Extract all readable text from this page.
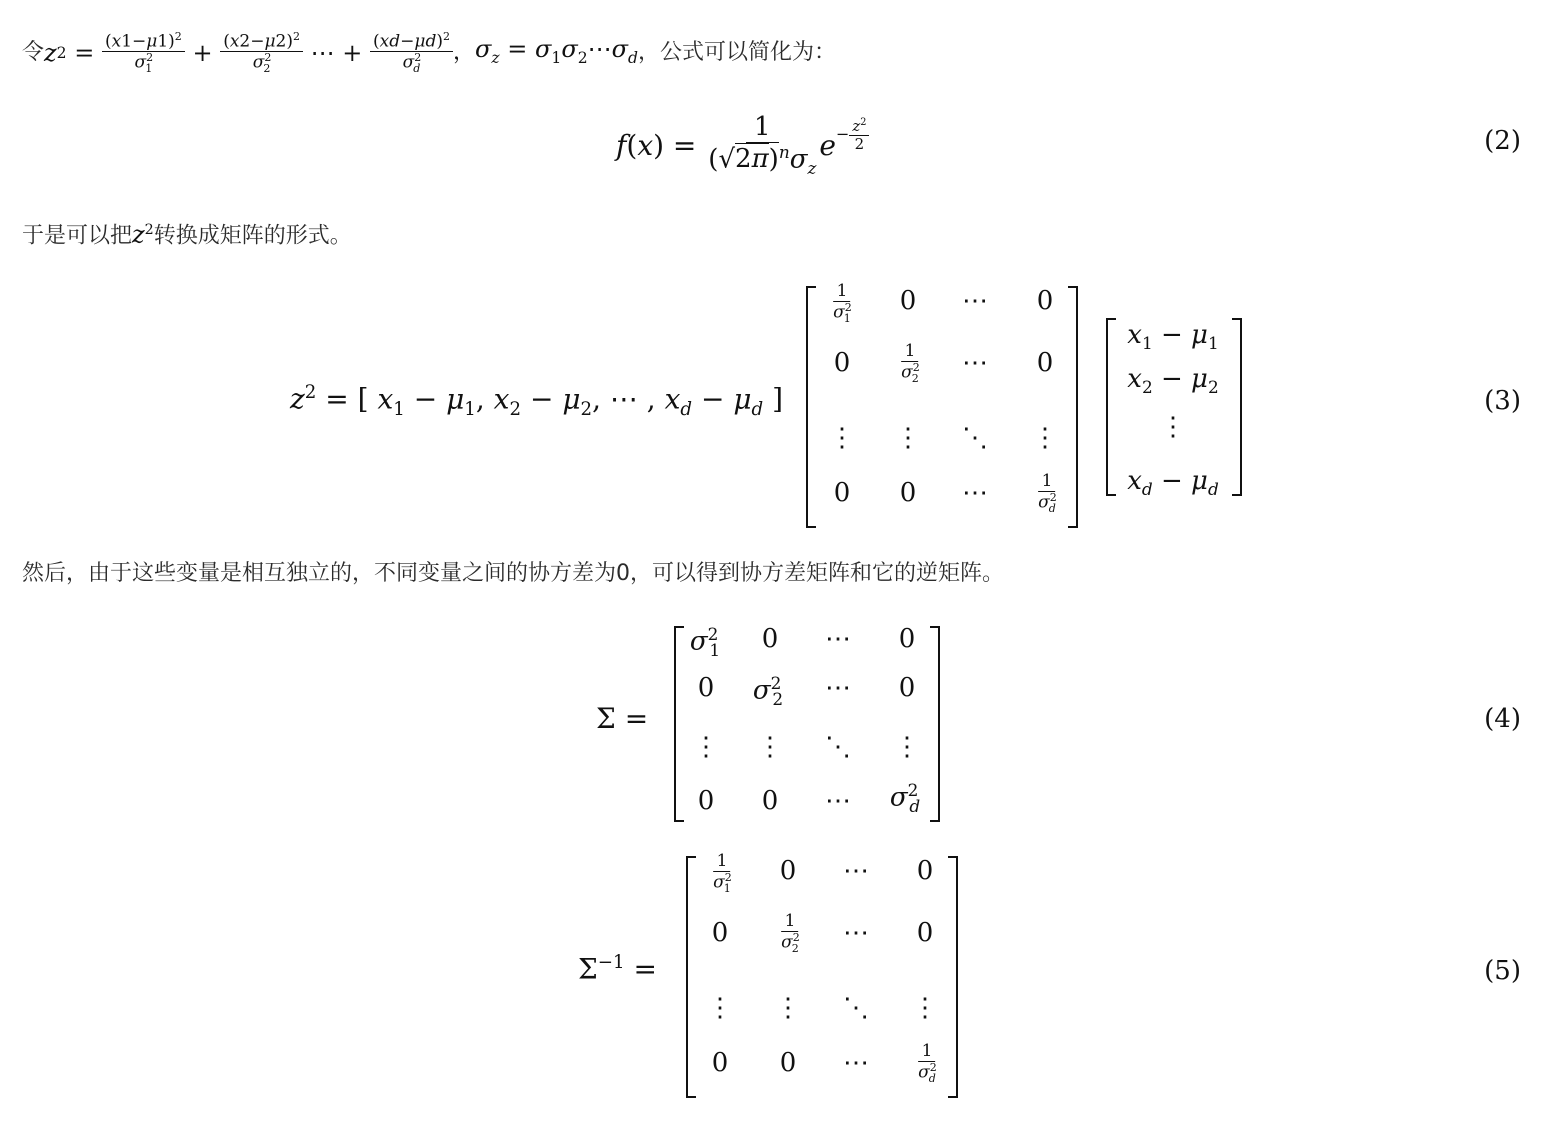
令 z $2 = \frac{(x1-\mu 1)^2}{\sigma^2_1} + \frac{(x2-\mu 2)^2}{\sigma^2_2}$ ⋯ + $\frac{(xd-\mu d)^2}{\sigma^2_d}$ ， $\sigma_z$ = $\sigma_1\sigma_2\cdots\sigma_d$ ，公式可以简化为：
f ( x ) = $\frac{1}{(√2\pi)^n\sigma_z} e^{- \frac{z^2}{2}}$	(2)
于是可以把$z^2$转换成矩阵的形式。
$z^2$ = [ $x_1 - \mu_1$, $x_2 - \mu_2$, ⋯ , $x_d - \mu_d$ ]
$\frac{1}{\sigma^2_1} 0$ ⋯ 0
0	$\frac{1}{\sigma^2_2}$ ⋯ 0
⋮ ⋮ ⋱ ⋮
0 0 ⋯	$\frac{1}{\sigma^2_d}$
$x_1 - \mu_1$
$x_2 - \mu_2$
⋮
$x_d - \mu_d$
(3)
然后，由于这些变量是相互独立的，不同变量之间的协方差为0，可以得到协方差矩阵和它的逆矩阵。
Σ =
$\sigma^2_1$ 0 ⋯ 0
0 $\sigma^2_2$ ⋯ 0
⋮ ⋮ ⋱ ⋮
0 0 ⋯ $\sigma^2_d$
(4)
$\Sigma^{-1}$ =
$\frac{1}{\sigma^2_1} 0$ ⋯ 0
0	$\frac{1}{\sigma^2_2}$ ⋯ 0
⋮ ⋮ ⋱ ⋮
0 0 ⋯	$\frac{1}{\sigma^2_d}$
(5)
